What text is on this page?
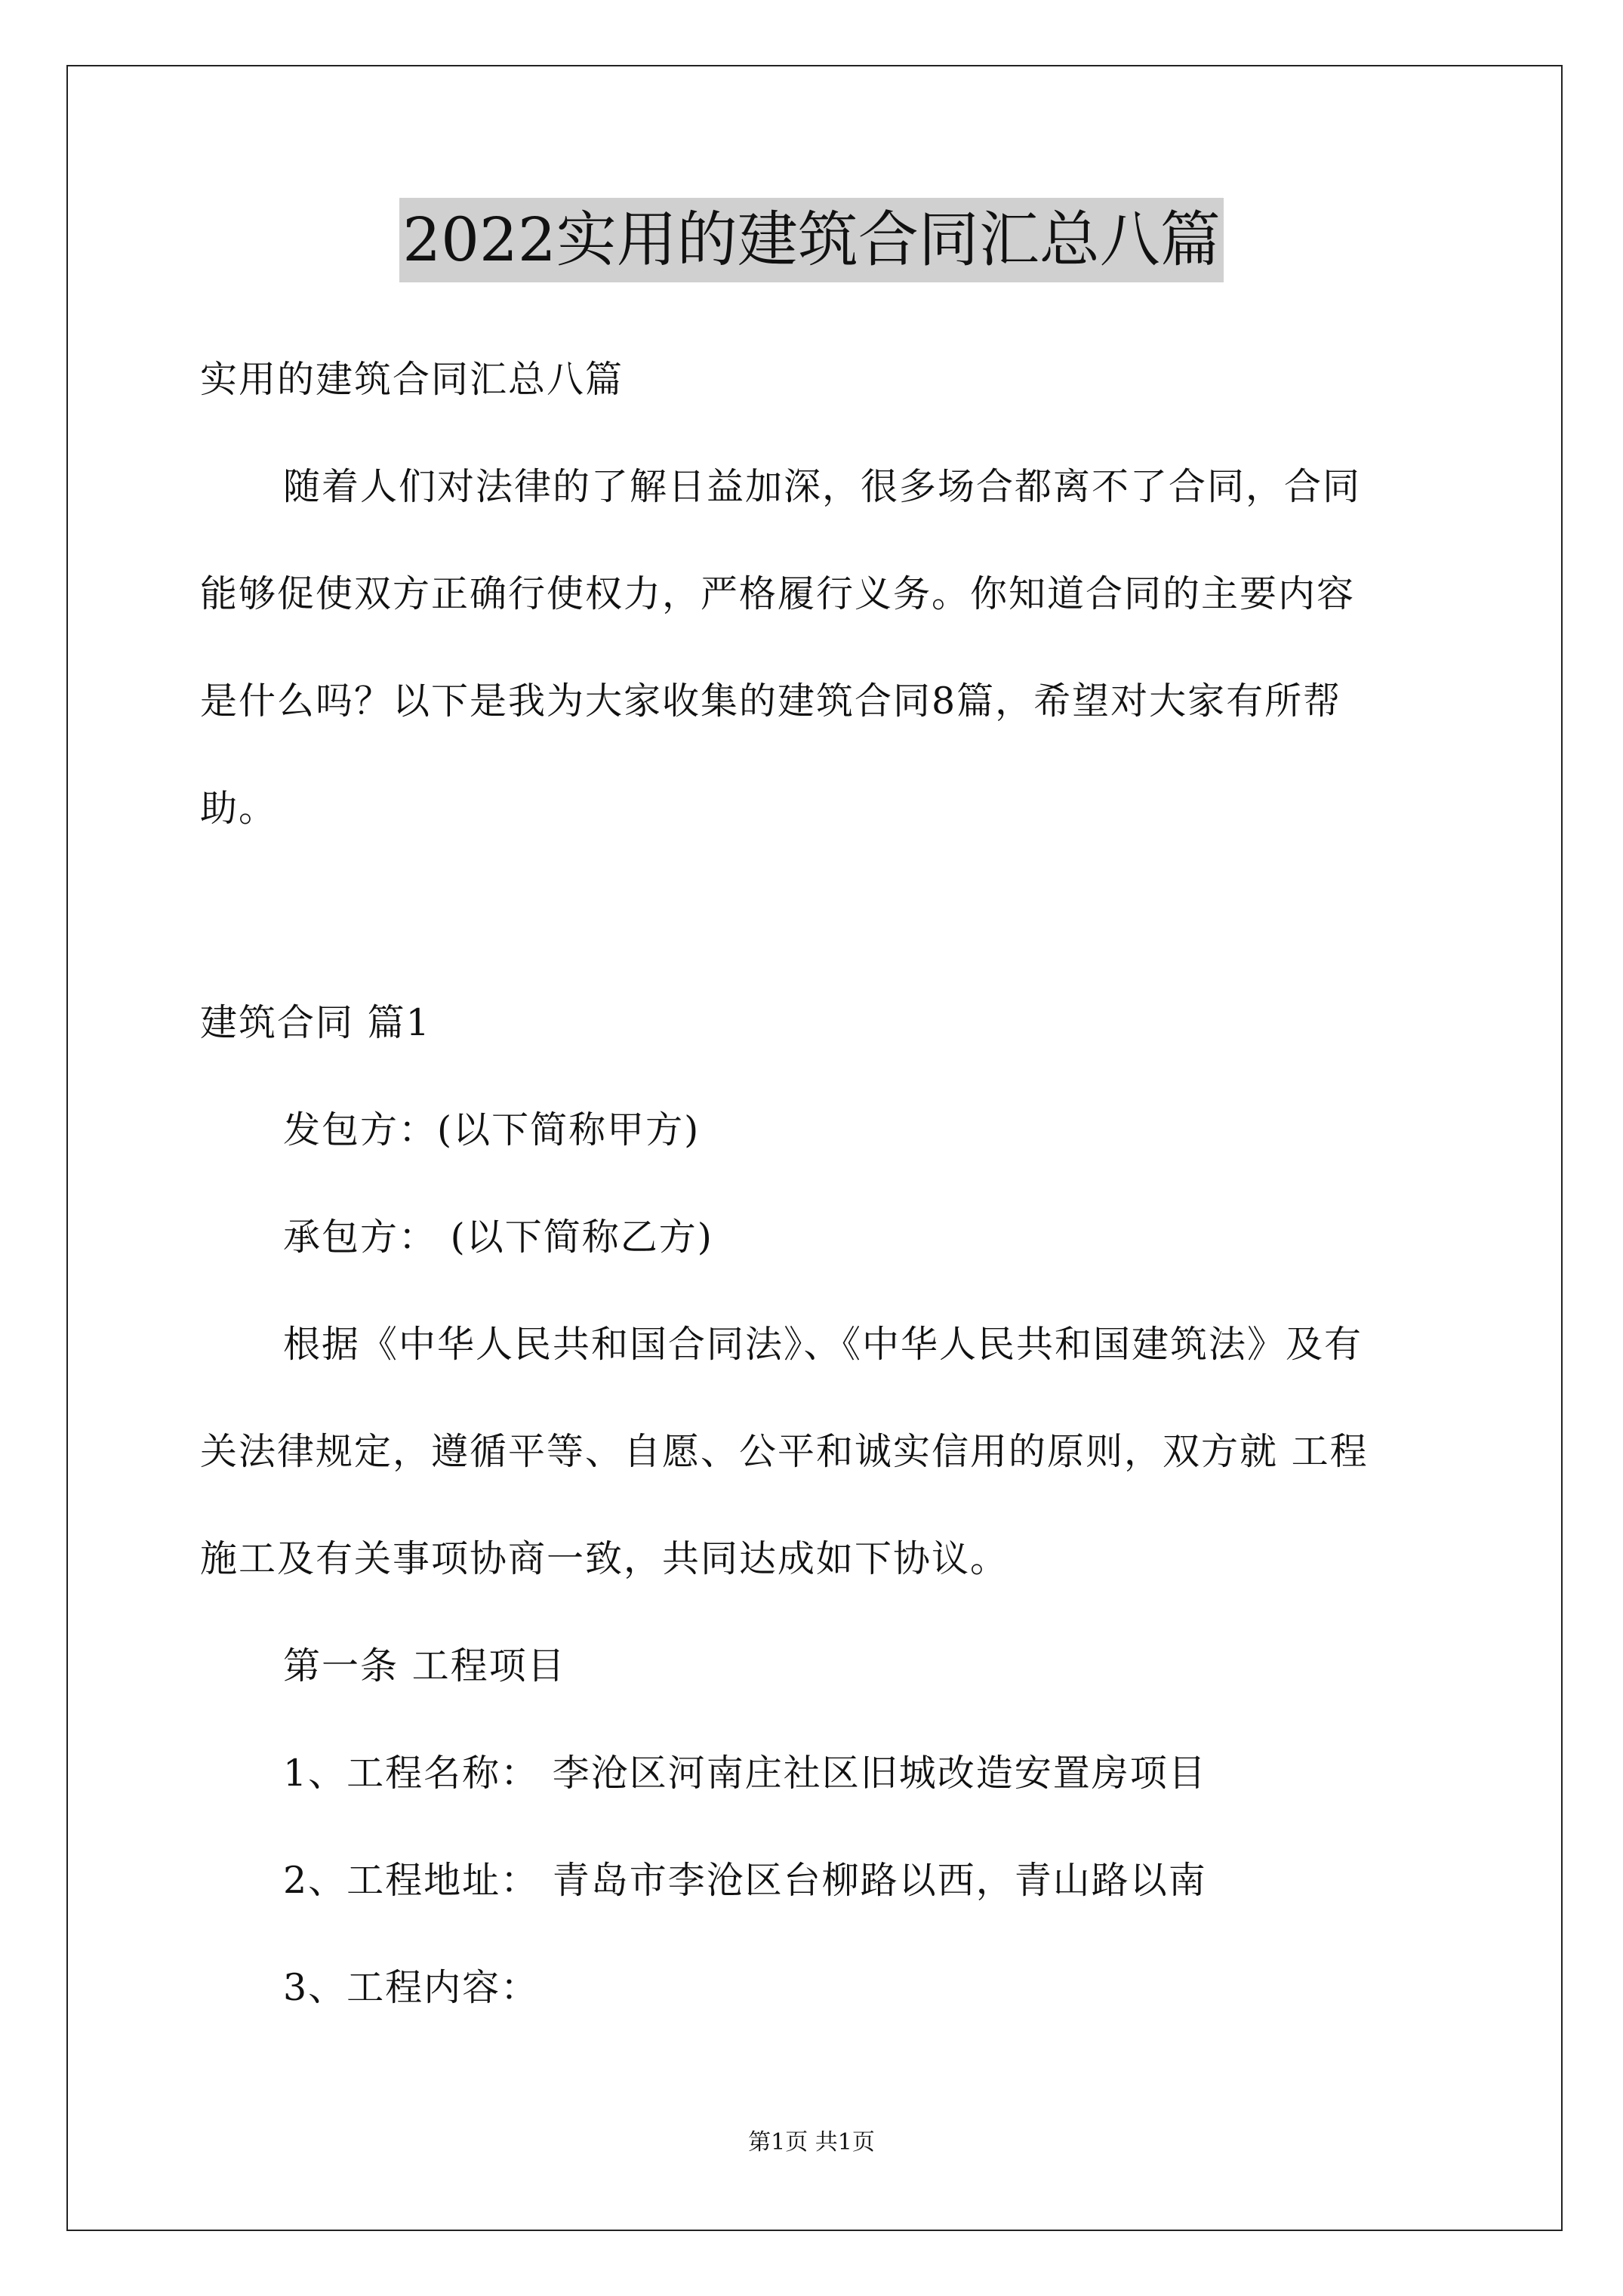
2022实用的建筑合同汇总八篇
实用的建筑合同汇总八篇
随着人们对法律的了解日益加深，很多场合都离不了合同，合同
能够促使双方正确行使权力，严格履行义务。你知道合同的主要内容
是什么吗？以下是我为大家收集的建筑合同8篇，希望对大家有所帮
助。
建筑合同 篇1
发包方：(以下简称甲方)
承包方： (以下简称乙方)
根据《中华人民共和国合同法》、《中华人民共和国建筑法》及有
关法律规定，遵循平等、自愿、公平和诚实信用的原则，双方就 工程
施工及有关事项协商一致，共同达成如下协议。
第一条 工程项目
1、工程名称： 李沧区河南庄社区旧城改造安置房项目
2、工程地址： 青岛市李沧区台柳路以西，青山路以南
3、工程内容：
第1页 共1页
